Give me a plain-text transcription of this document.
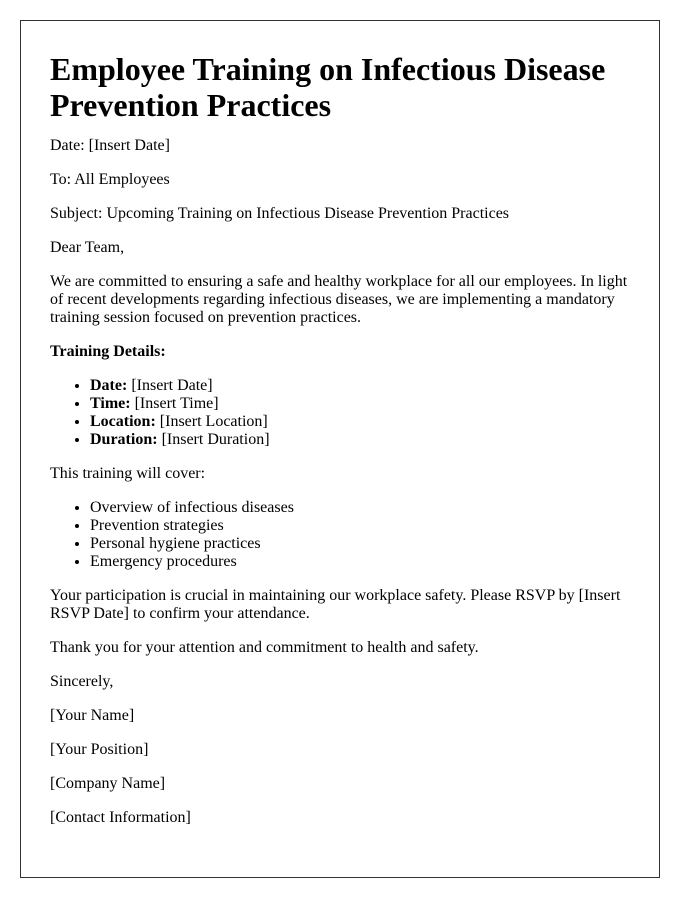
Employee Training on Infectious Disease Prevention Practices

Date: [Insert Date]

To: All Employees

Subject: Upcoming Training on Infectious Disease Prevention Practices

Dear Team,

We are committed to ensuring a safe and healthy workplace for all our employees. In light of recent developments regarding infectious diseases, we are implementing a mandatory training session focused on prevention practices.

Training Details:

• Date: [Insert Date]
• Time: [Insert Time]
• Location: [Insert Location]
• Duration: [Insert Duration]

This training will cover:

• Overview of infectious diseases
• Prevention strategies
• Personal hygiene practices
• Emergency procedures

Your participation is crucial in maintaining our workplace safety. Please RSVP by [Insert RSVP Date] to confirm your attendance.

Thank you for your attention and commitment to health and safety.

Sincerely,

[Your Name]

[Your Position]

[Company Name]

[Contact Information]
